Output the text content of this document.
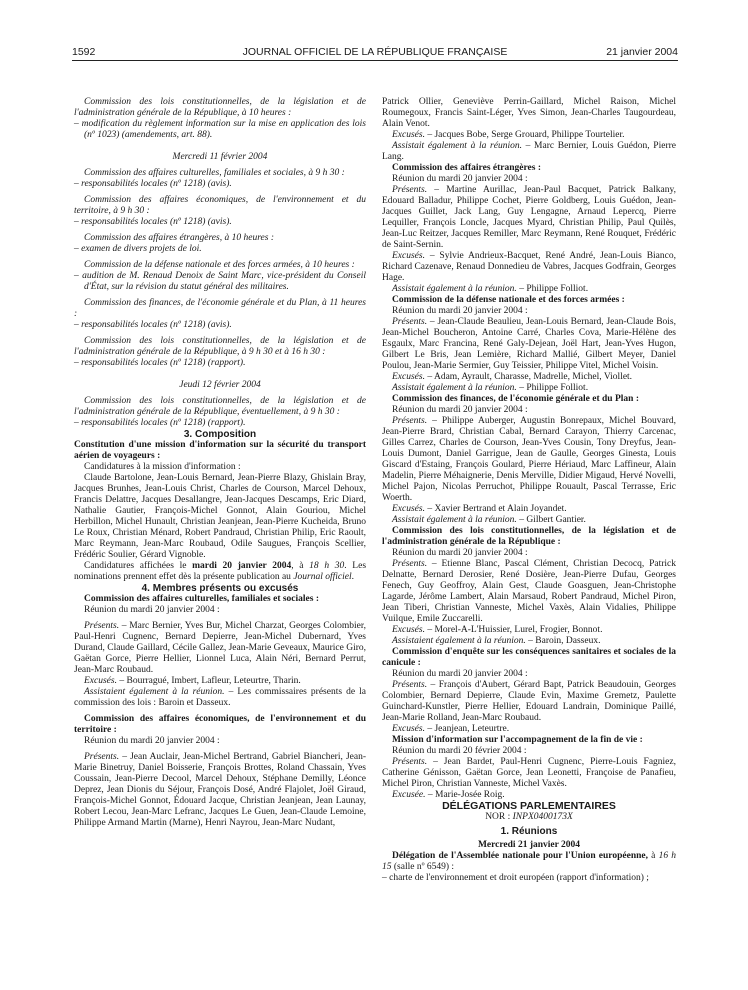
1592	JOURNAL OFFICIEL DE LA RÉPUBLIQUE FRANÇAISE	21 janvier 2004

Commission des lois constitutionnelles, de la législation et de l'administration générale de la République, à 10 heures :

– modification du règlement information sur la mise en application des lois (nº 1023) (amendements, art. 88).

Mercredi 11 février 2004

Commission des affaires culturelles, familiales et sociales, à 9 h 30 :

– responsabilités locales (nº 1218) (avis).

Commission des affaires économiques, de l'environnement et du territoire, à 9 h 30 :

– responsabilités locales (nº 1218) (avis).

Commission des affaires étrangères, à 10 heures :

– examen de divers projets de loi.

Commission de la défense nationale et des forces armées, à 10 heures :

– audition de M. Renaud Denoix de Saint Marc, vice-président du Conseil d'État, sur la révision du statut général des militaires.

Commission des finances, de l'économie générale et du Plan, à 11 heures :

– responsabilités locales (nº 1218) (avis).

Commission des lois constitutionnelles, de la législation et de l'administration générale de la République, à 9 h 30 et à 16 h 30 :

– responsabilités locales (nº 1218) (rapport).

Jeudi 12 février 2004

Commission des lois constitutionnelles, de la législation et de l'administration générale de la République, éventuellement, à 9 h 30 :

– responsabilités locales (nº 1218) (rapport).

3. Composition

Constitution d'une mission d'information sur la sécurité du transport aérien de voyageurs :

Candidatures à la mission d'information :

Claude Bartolone, Jean-Louis Bernard, Jean-Pierre Blazy, Ghislain Bray, Jacques Brunhes, Jean-Louis Christ, Charles de Courson, Marcel Dehoux, Francis Delattre, Jacques Desallangre, Jean-Jacques Descamps, Eric Diard, Nathalie Gautier, François-Michel Gonnot, Alain Gouriou, Michel Herbillon, Michel Hunault, Christian Jeanjean, Jean-Pierre Kucheida, Bruno Le Roux, Christian Ménard, Robert Pandraud, Christian Philip, Eric Raoult, Marc Reymann, Jean-Marc Roubaud, Odile Saugues, François Scellier, Frédéric Soulier, Gérard Vignoble.

Candidatures affichées le mardi 20 janvier 2004, à 18 h 30. Les nominations prennent effet dès la présente publication au Journal officiel.

4. Membres présents ou excusés

Commission des affaires culturelles, familiales et sociales :

Réunion du mardi 20 janvier 2004 :

Présents. – Marc Bernier, Yves Bur, Michel Charzat, Georges Colombier, Paul-Henri Cugnenc, Bernard Depierre, Jean-Michel Dubernard, Yves Durand, Claude Gaillard, Cécile Gallez, Jean-Marie Geveaux, Maurice Giro, Gaëtan Gorce, Pierre Hellier, Lionnel Luca, Alain Néri, Bernard Perrut, Jean-Marc Roubaud.

Excusés. – Bourragué, Imbert, Lafleur, Leteurtre, Tharin.

Assistaient également à la réunion. – Les commissaires présents de la commission des lois : Baroin et Dasseux.

Commission des affaires économiques, de l'environnement et du territoire :

Réunion du mardi 20 janvier 2004 :

Présents. – Jean Auclair, Jean-Michel Bertrand, Gabriel Biancheri, Jean-Marie Binetruy, Daniel Boisserie, François Brottes, Roland Chassain, Yves Coussain, Jean-Pierre Decool, Marcel Dehoux, Stéphane Demilly, Léonce Deprez, Jean Dionis du Séjour, François Dosé, André Flajolet, Joël Giraud, François-Michel Gonnot, Édouard Jacque, Christian Jeanjean, Jean Launay, Robert Lecou, Jean-Marc Lefranc, Jacques Le Guen, Jean-Claude Lemoine, Philippe Armand Martin (Marne), Henri Nayrou, Jean-Marc Nudant,

Patrick Ollier, Geneviève Perrin-Gaillard, Michel Raison, Michel Roumegoux, Francis Saint-Léger, Yves Simon, Jean-Charles Taugourdeau, Alain Venot.

Excusés. – Jacques Bobe, Serge Grouard, Philippe Tourtelier.

Assistait également à la réunion. – Marc Bernier, Louis Guédon, Pierre Lang.

Commission des affaires étrangères :

Réunion du mardi 20 janvier 2004 :

Présents. – Martine Aurillac, Jean-Paul Bacquet, Patrick Balkany, Edouard Balladur, Philippe Cochet, Pierre Goldberg, Louis Guédon, Jean-Jacques Guillet, Jack Lang, Guy Lengagne, Arnaud Lepercq, Pierre Lequiller, François Loncle, Jacques Myard, Christian Philip, Paul Quilès, Jean-Luc Reitzer, Jacques Remiller, Marc Reymann, René Rouquet, Frédéric de Saint-Sernin.

Excusés. – Sylvie Andrieux-Bacquet, René André, Jean-Louis Bianco, Richard Cazenave, Renaud Donnedieu de Vabres, Jacques Godfrain, Georges Hage.

Assistait également à la réunion. – Philippe Folliot.

Commission de la défense nationale et des forces armées :

Réunion du mardi 20 janvier 2004 :

Présents. – Jean-Claude Beaulieu, Jean-Louis Bernard, Jean-Claude Bois, Jean-Michel Boucheron, Antoine Carré, Charles Cova, Marie-Hélène des Esgaulx, Marc Francina, René Galy-Dejean, Joël Hart, Jean-Yves Hugon, Gilbert Le Bris, Jean Lemière, Richard Mallié, Gilbert Meyer, Daniel Poulou, Jean-Marie Sermier, Guy Teissier, Philippe Vitel, Michel Voisin.

Excusés. – Adam, Ayrault, Charasse, Madrelle, Michel, Viollet.

Assistait également à la réunion. – Philippe Folliot.

Commission des finances, de l'économie générale et du Plan :

Réunion du mardi 20 janvier 2004 :

Présents. – Philippe Auberger, Augustin Bonrepaux, Michel Bouvard, Jean-Pierre Brard, Christian Cabal, Bernard Carayon, Thierry Carcenac, Gilles Carrez, Charles de Courson, Jean-Yves Cousin, Tony Dreyfus, Jean-Louis Dumont, Daniel Garrigue, Jean de Gaulle, Georges Ginesta, Louis Giscard d'Estaing, François Goulard, Pierre Hériaud, Marc Laffineur, Alain Madelin, Pierre Méhaignerie, Denis Merville, Didier Migaud, Hervé Novelli, Michel Pajon, Nicolas Perruchot, Philippe Rouault, Pascal Terrasse, Eric Woerth.

Excusés. – Xavier Bertrand et Alain Joyandet.

Assistait également à la réunion. – Gilbert Gantier.

Commission des lois constitutionnelles, de la législation et de l'administration générale de la République :

Réunion du mardi 20 janvier 2004 :

Présents. – Etienne Blanc, Pascal Clément, Christian Decocq, Patrick Delnatte, Bernard Derosier, René Dosière, Jean-Pierre Dufau, Georges Fenech, Guy Geoffroy, Alain Gest, Claude Goasguen, Jean-Christophe Lagarde, Jérôme Lambert, Alain Marsaud, Robert Pandraud, Michel Piron, Jean Tiberi, Christian Vanneste, Michel Vaxès, Alain Vidalies, Philippe Vuilque, Emile Zuccarelli.

Excusés. – Morel-A-L'Huissier, Lurel, Frogier, Bonnot.

Assistaient également à la réunion. – Baroin, Dasseux.

Commission d'enquête sur les conséquences sanitaires et sociales de la canicule :

Réunion du mardi 20 janvier 2004 :

Présents. – François d'Aubert, Gérard Bapt, Patrick Beaudouin, Georges Colombier, Bernard Depierre, Claude Evin, Maxime Gremetz, Paulette Guinchard-Kunstler, Pierre Hellier, Edouard Landrain, Dominique Paillé, Jean-Marie Rolland, Jean-Marc Roubaud.

Excusés. – Jeanjean, Leteurtre.

Mission d'information sur l'accompagnement de la fin de vie :

Réunion du mardi 20 février 2004 :

Présents. – Jean Bardet, Paul-Henri Cugnenc, Pierre-Louis Fagniez, Catherine Génisson, Gaëtan Gorce, Jean Leonetti, Françoise de Panafieu, Michel Piron, Christian Vanneste, Michel Vaxès.

Excusée. – Marie-Josée Roig.

DÉLÉGATIONS PARLEMENTAIRES

NOR : INPX0400173X

1. Réunions

Mercredi 21 janvier 2004

Délégation de l'Assemblée nationale pour l'Union européenne, à 16 h 15 (salle nº 6549) :

– charte de l'environnement et droit européen (rapport d'information) ;
